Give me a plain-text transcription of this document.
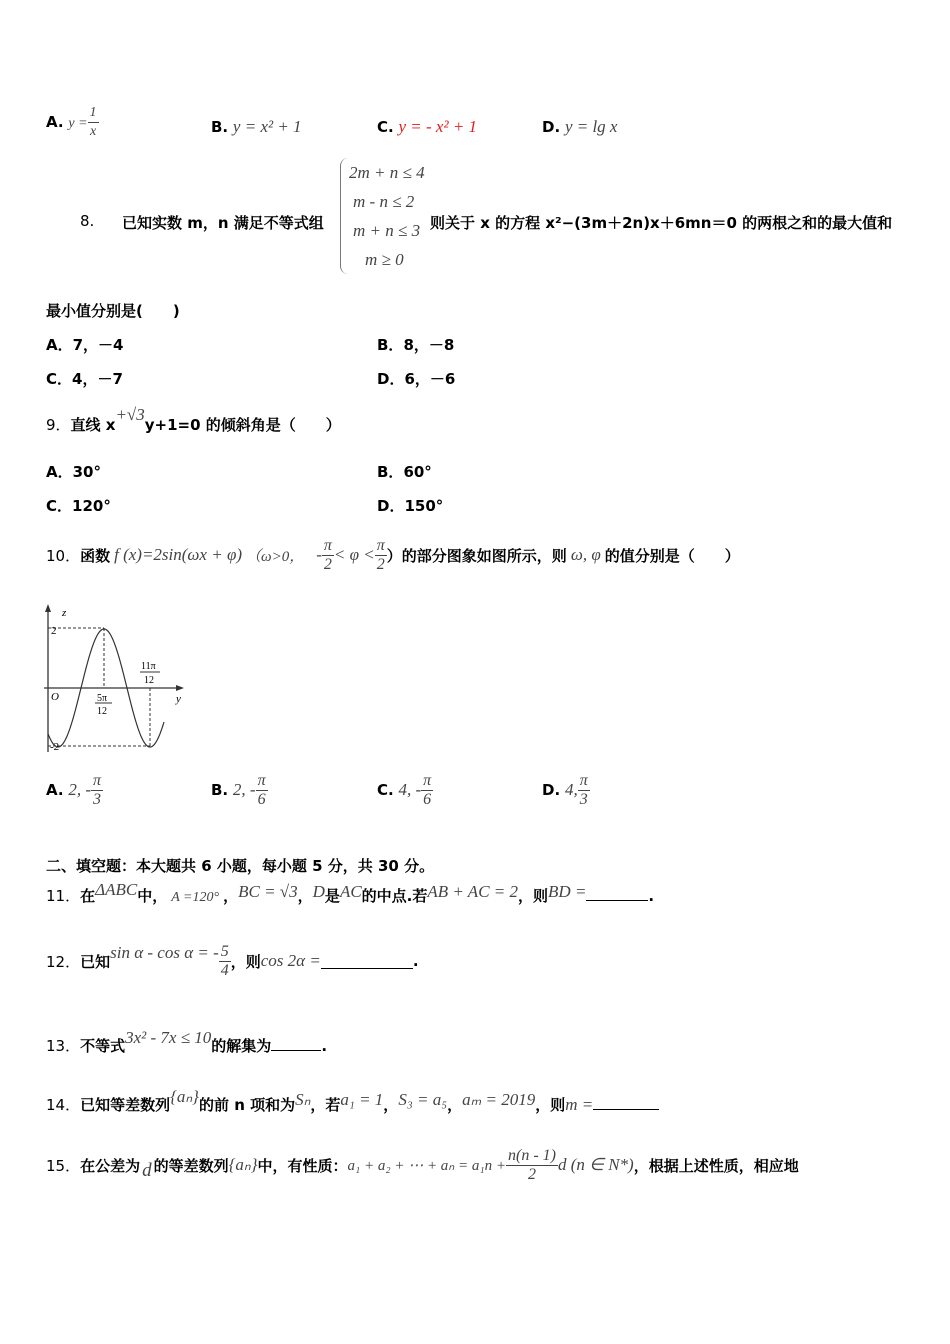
A. $y = \frac{1}{x}$	B. y = x² + 1	C. y = - x² + 1	D. y = lg x
8. 已知实数 m，n 满足不等式组
2m + n ≤ 4
m - n ≤ 2
m + n ≤ 3
m ≥ 0
则关于 x 的方程 x²−(3m＋2n)x＋6mn＝0 的两根之和的最大值和
最小值分别是(　　)
A．7，－4	B．8，－8
C．4，－7	D．6，－6
9．直线 x+√3y+1=0 的倾斜角是（　　）
A．30°	B．60°
C．120°	D．150°
10． 函数 f (x)=2sin(ωx + φ) （ω>0， - $\frac{\pi}{2} < \varphi < \frac{\pi}{2}$ ）的部分图象如图所示，则 ω, φ 的值分别是（　　）
z
y
O
2
-2
5π
12
11π
12
A. 2, - $\frac{\pi}{3}$	B. 2, - $\frac{\pi}{6}$	C. 4, - $\frac{\pi}{6}$	D. 4, $\frac{\pi}{3}$
二、填空题：本大题共 6 小题，每小题 5 分，共 30 分。
11．在ΔABC中， A =120° ，BC = √3，D是AC的中点.若AB + AC = 2，则BD =	.
12． 已知 sin α - cos α = - $\frac{5}{4}$ ，则 cos 2α =	.
13．不等式3x² - 7x ≤ 10的解集为	.
14．已知等差数列{aₙ}的前 n 项和为Sₙ，若a₁ = 1，S₃ = a₅，aₘ = 2019，则m =
15． 在公差为 d 的等差数列 {aₙ} 中，有性质： a₁ + a₂ + ⋯ + $a_n = a_1n + \frac{n(n - 1)}{2}$ d (n ∈ N*) ，根据上述性质，相应地
